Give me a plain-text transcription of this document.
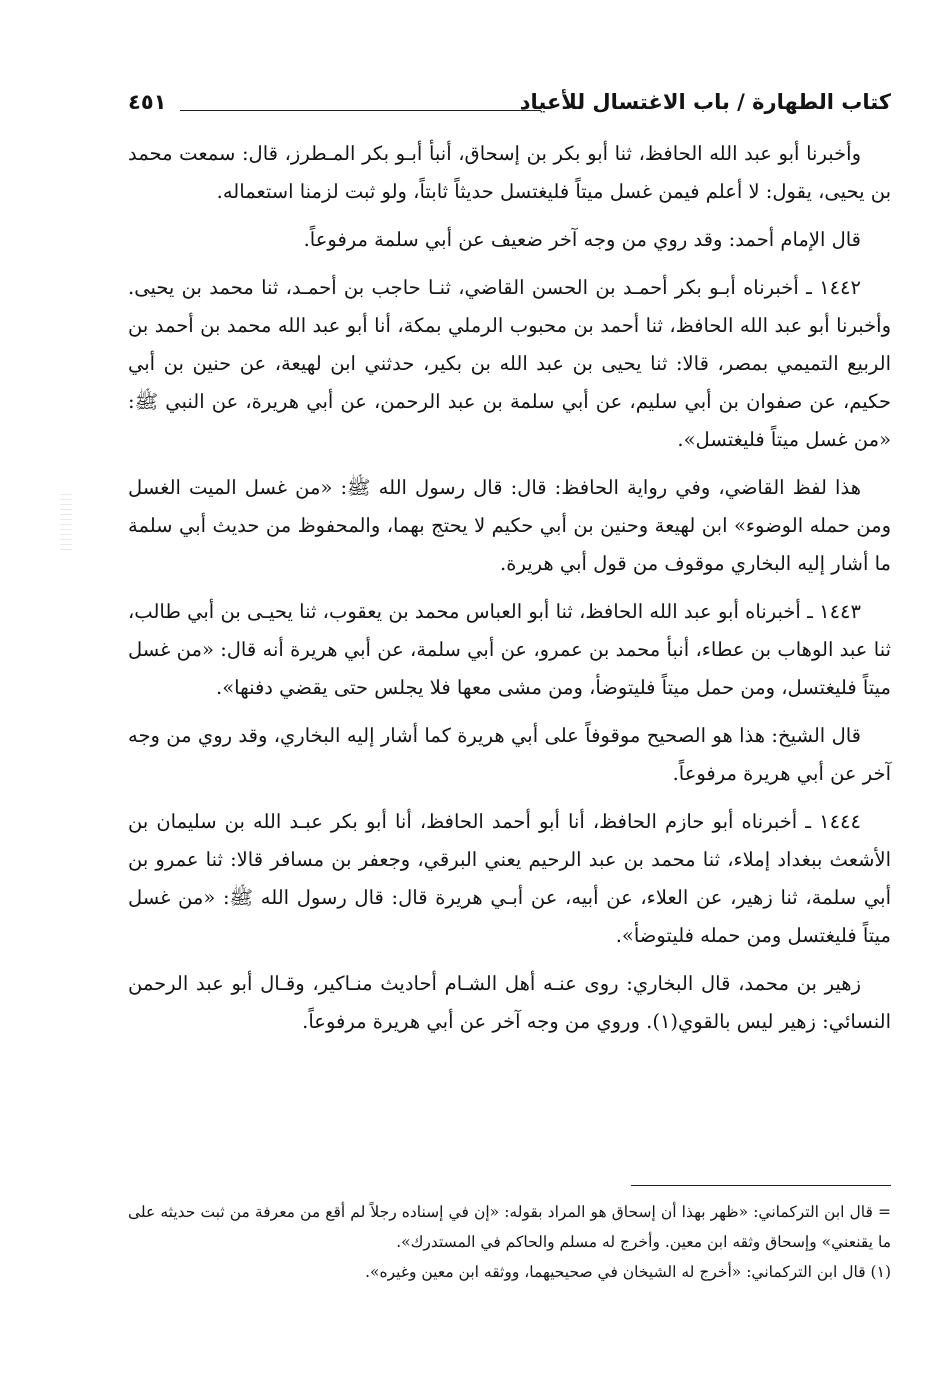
كتاب الطهارة / باب الاغتسال للأعياد
٤٥١

وأخبرنا أبو عبد الله الحافظ، ثنا أبو بكر بن إسحاق، أنبأ أبـو بكر المـطرز، قال: سمعت محمد بن يحيى، يقول: لا أعلم فيمن غسل ميتاً فليغتسل حديثاً ثابتاً، ولو ثبت لزمنا استعماله.

قال الإمام أحمد: وقد روي من وجه آخر ضعيف عن أبي سلمة مرفوعاً.

١٤٤٢ ـ أخبرناه أبـو بكر أحمـد بن الحسن القاضي، ثنـا حاجب بن أحمـد، ثنا محمد بن يحيى. وأخبرنا أبو عبد الله الحافظ، ثنا أحمد بن محبوب الرملي بمكة، أنا أبو عبد الله محمد بن أحمد بن الربيع التميمي بمصر، قالا: ثنا يحيى بن عبد الله بن بكير، حدثني ابن لهيعة، عن حنين بن أبي حكيم، عن صفوان بن أبي سليم، عن أبي سلمة بن عبد الرحمن، عن أبي هريرة، عن النبي ﷺ: «من غسل ميتاً فليغتسل».

هذا لفظ القاضي، وفي رواية الحافظ: قال: قال رسول الله ﷺ: «من غسل الميت الغسل ومن حمله الوضوء» ابن لهيعة وحنين بن أبي حكيم لا يحتج بهما، والمحفوظ من حديث أبي سلمة ما أشار إليه البخاري موقوف من قول أبي هريرة.

١٤٤٣ ـ أخبرناه أبو عبد الله الحافظ، ثنا أبو العباس محمد بن يعقوب، ثنا يحيـى بن أبي طالب، ثنا عبد الوهاب بن عطاء، أنبأ محمد بن عمرو، عن أبي سلمة، عن أبي هريرة أنه قال: «من غسل ميتاً فليغتسل، ومن حمل ميتاً فليتوضأ، ومن مشى معها فلا يجلس حتى يقضي دفنها».

قال الشيخ: هذا هو الصحيح موقوفاً على أبي هريرة كما أشار إليه البخاري، وقد روي من وجه آخر عن أبي هريرة مرفوعاً.

١٤٤٤ ـ أخبرناه أبو حازم الحافظ، أنا أبو أحمد الحافظ، أنا أبو بكر عبـد الله بن سليمان بن الأشعث ببغداد إملاء، ثنا محمد بن عبد الرحيم يعني البرقي، وجعفر بن مسافر قالا: ثنا عمرو بن أبي سلمة، ثنا زهير، عن العلاء، عن أبيه، عن أبـي هريرة قال: قال رسول الله ﷺ: «من غسل ميتاً فليغتسل ومن حمله فليتوضأ».

زهير بن محمد، قال البخاري: روى عنـه أهل الشـام أحاديث منـاكير، وقـال أبو عبد الرحمن النسائي: زهير ليس بالقوي(١). وروي من وجه آخر عن أبي هريرة مرفوعاً.

= قال ابن التركماني: «ظهر بهذا أن إسحاق هو المراد بقوله: «إن في إسناده رجلاً لم أقع من معرفة من ثبت حديثه على ما يقنعني» وإسحاق وثقه ابن معين. وأخرج له مسلم والحاكم في المستدرك».

(١) قال ابن التركماني: «أخرج له الشيخان في صحيحيهما، ووثقه ابن معين وغيره».
